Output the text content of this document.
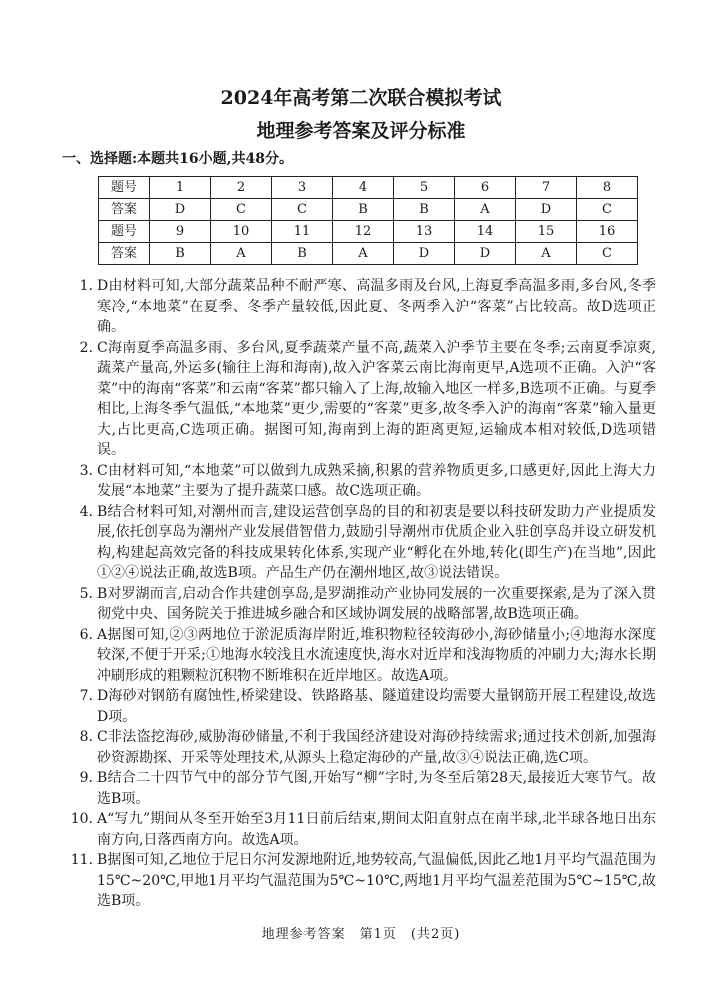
2024年高考第二次联合模拟考试
地理参考答案及评分标准
一、选择题:本题共16小题,共48分。
题号	1	2	3	4	5	6	7	8
答案	D	C	C	B	B	A	D	C
题号	9	10	11	12	13	14	15	16
答案	B	A	B	A	D	D	A	C
1. D由材料可知,大部分蔬菜品种不耐严寒、高温多雨及台风,上海夏季高温多雨,多台风,冬季寒冷,“本地菜”在夏季、冬季产量较低,因此夏、冬两季入沪“客菜”占比较高。故D选项正确。
2. C海南夏季高温多雨、多台风,夏季蔬菜产量不高,蔬菜入沪季节主要在冬季;云南夏季凉爽,蔬菜产量高,外运多(输往上海和海南),故入沪客菜云南比海南更早,A选项不正确。入沪“客菜”中的海南“客菜”和云南“客菜”都只输入了上海,故输入地区一样多,B选项不正确。与夏季相比,上海冬季气温低,“本地菜”更少,需要的“客菜”更多,故冬季入沪的海南“客菜”输入量更大,占比更高,C选项正确。据图可知,海南到上海的距离更短,运输成本相对较低,D选项错误。
3. C由材料可知,“本地菜”可以做到九成熟采摘,积累的营养物质更多,口感更好,因此上海大力发展“本地菜”主要为了提升蔬菜口感。故C选项正确。
4. B结合材料可知,对潮州而言,建设运营创享岛的目的和初衷是要以科技研发助力产业提质发展,依托创享岛为潮州产业发展借智借力,鼓励引导潮州市优质企业入驻创享岛并设立研发机构,构建起高效完备的科技成果转化体系,实现产业“孵化在外地,转化(即生产)在当地”,因此①②④说法正确,故选B项。产品生产仍在潮州地区,故③说法错误。
5. B对罗湖而言,启动合作共建创享岛,是罗湖推动产业协同发展的一次重要探索,是为了深入贯彻党中央、国务院关于推进城乡融合和区域协调发展的战略部署,故B选项正确。
6. A据图可知,②③两地位于淤泥质海岸附近,堆积物粒径较海砂小,海砂储量小;④地海水深度较深,不便于开采;①地海水较浅且水流速度快,海水对近岸和浅海物质的冲刷力大;海水长期冲刷形成的粗颗粒沉积物不断堆积在近岸地区。故选A项。
7. D海砂对钢筋有腐蚀性,桥梁建设、铁路路基、隧道建设均需要大量钢筋开展工程建设,故选D项。
8. C非法盗挖海砂,威胁海砂储量,不利于我国经济建设对海砂持续需求;通过技术创新,加强海砂资源勘探、开采等处理技术,从源头上稳定海砂的产量,故③④说法正确,选C项。
9. B结合二十四节气中的部分节气图,开始写“柳”字时,为冬至后第28天,最接近大寒节气。故选B项。
10. A“写九”期间从冬至开始至3月11日前后结束,期间太阳直射点在南半球,北半球各地日出东南方向,日落西南方向。故选A项。
11. B据图可知,乙地位于尼日尔河发源地附近,地势较高,气温偏低,因此乙地1月平均气温范围为15℃~20℃,甲地1月平均气温范围为5℃~10℃,两地1月平均气温差范围为5℃~15℃,故选B项。
地理参考答案　第1页　(共2页)
